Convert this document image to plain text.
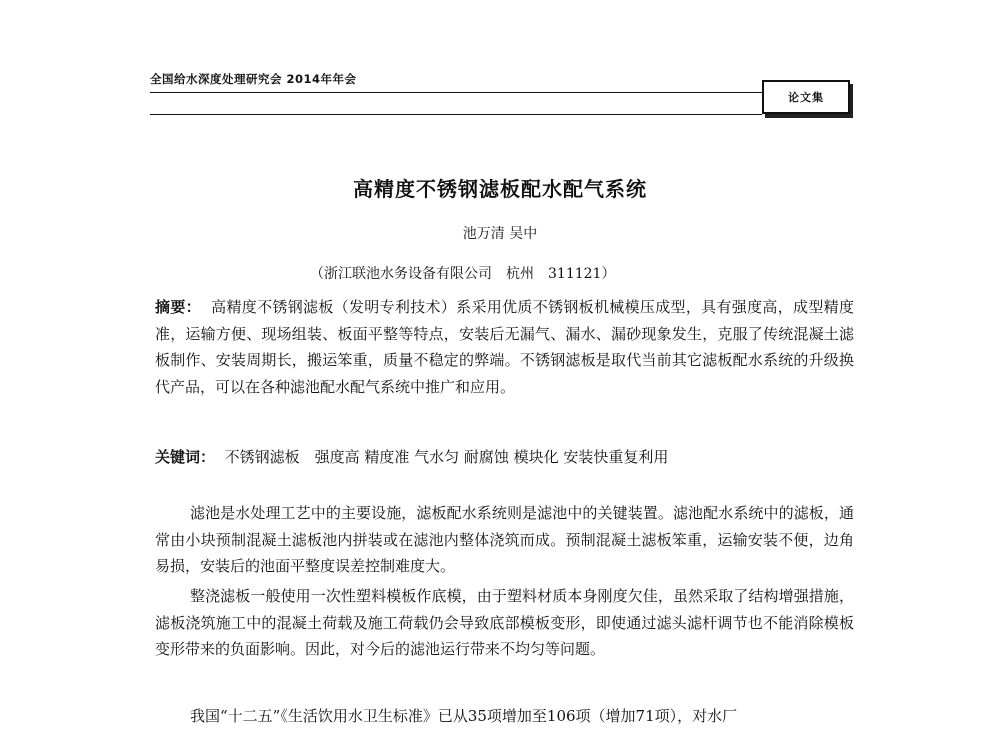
全国给水深度处理研究会 2014年年会
论文集
高精度不锈钢滤板配水配气系统
池万清 吴中
（浙江联池水务设备有限公司　杭州　311121）

摘要： 高精度不锈钢滤板（发明专利技术）系采用优质不锈钢板机械模压成型，具有强度高，成型精度准，运输方便、现场组装、板面平整等特点，安装后无漏气、漏水、漏砂现象发生，克服了传统混凝土滤板制作、安装周期长，搬运笨重，质量不稳定的弊端。不锈钢滤板是取代当前其它滤板配水系统的升级换代产品，可以在各种滤池配水配气系统中推广和应用。

关键词： 不锈钢滤板　强度高 精度准 气水匀 耐腐蚀 模块化 安装快重复利用

滤池是水处理工艺中的主要设施，滤板配水系统则是滤池中的关键装置。滤池配水系统中的滤板，通常由小块预制混凝土滤板池内拼装或在滤池内整体浇筑而成。预制混凝土滤板笨重，运输安装不便，边角易损，安装后的池面平整度误差控制难度大。

整浇滤板一般使用一次性塑料模板作底模，由于塑料材质本身刚度欠佳，虽然采取了结构增强措施，滤板浇筑施工中的混凝土荷载及施工荷载仍会导致底部模板变形，即使通过滤头滤杆调节也不能消除模板变形带来的负面影响。因此，对今后的滤池运行带来不均匀等问题。

我国“十二五”《生活饮用水卫生标准》已从35项增加至106项（增加71项），对水厂
